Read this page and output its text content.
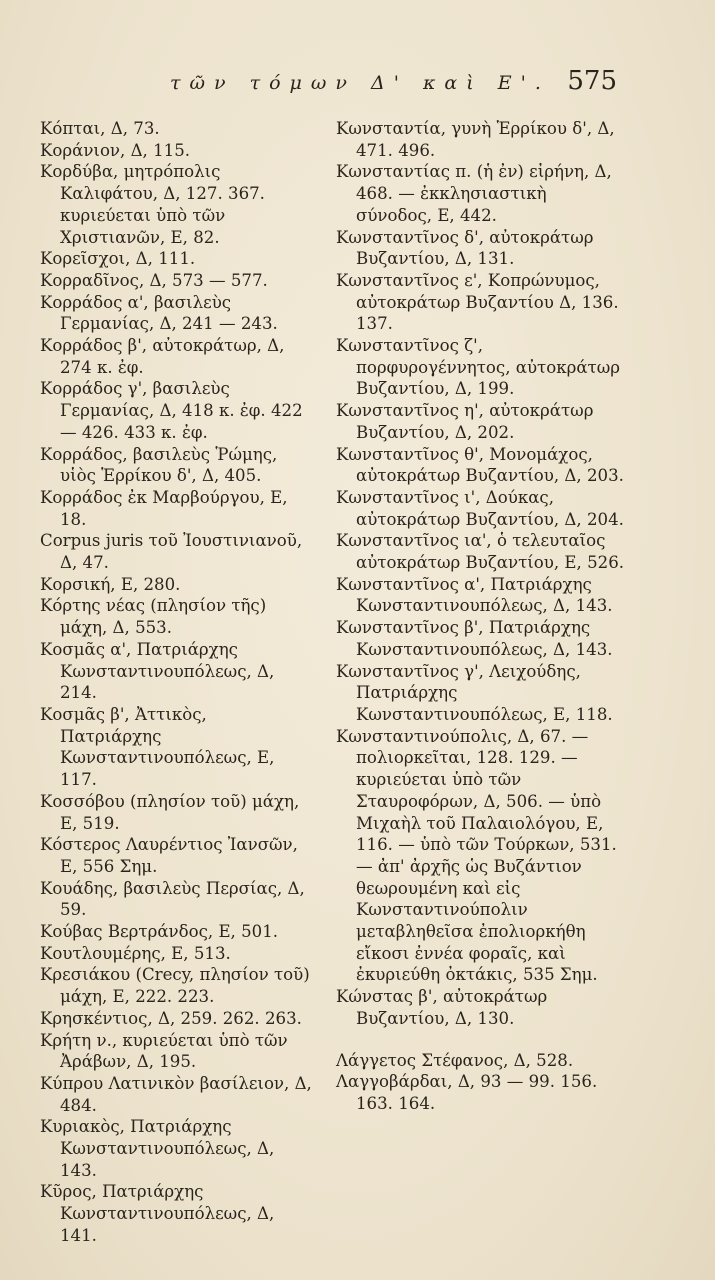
τῶν τόμων Δ' καὶ Ε'. 575

Κόπται, Δ, 73.

Κοράνιον, Δ, 115.

Κορδύβα, μητρόπολις Καλιφάτου, Δ, 127. 367. κυριεύεται ὑπὸ τῶν Χριστιανῶν, Ε, 82.

Κορεῖσχοι, Δ, 111.

Κορραδῖνος, Δ, 573 — 577.

Κορράδος α', βασιλεὺς Γερμανίας, Δ, 241 — 243.

Κορράδος β', αὐτοκράτωρ, Δ, 274 κ. ἐφ.

Κορράδος γ', βασιλεὺς Γερμανίας, Δ, 418 κ. ἐφ. 422 — 426. 433 κ. ἐφ.

Κορράδος, βασιλεὺς Ῥώμης, υἱὸς Ἑρρίκου δ', Δ, 405.

Κορράδος ἐκ Μαρβούργου, Ε, 18.

Corpus juris τοῦ Ἰουστινιανοῦ, Δ, 47.

Κορσική, Ε, 280.

Κόρτης νέας (πλησίον τῆς) μάχη, Δ, 553.

Κοσμᾶς α', Πατριάρχης Κωνσταντινουπόλεως, Δ, 214.

Κοσμᾶς β', Ἀττικὸς, Πατριάρχης Κωνσταντινουπόλεως, Ε, 117.

Κοσσόβου (πλησίον τοῦ) μάχη, Ε, 519.

Κόστερος Λαυρέντιος Ἰανσῶν, Ε, 556 Σημ.

Κουάδης, βασιλεὺς Περσίας, Δ, 59.

Κούβας Βερτράνδος, Ε, 501.

Κουτλουμέρης, Ε, 513.

Κρεσιάκου (Crecy, πλησίον τοῦ) μάχη, Ε, 222. 223.

Κρησκέντιος, Δ, 259. 262. 263.

Κρήτη ν., κυριεύεται ὑπὸ τῶν Ἀράβων, Δ, 195.

Κύπρου Λατινικὸν βασίλειον, Δ, 484.

Κυριακὸς, Πατριάρχης Κωνσταντινουπόλεως, Δ, 143.

Κῦρος, Πατριάρχης Κωνσταντινουπόλεως, Δ, 141.

Κωνσταντία, γυνὴ Ἑρρίκου δ', Δ, 471. 496.

Κωνσταντίας π. (ἡ ἐν) εἰρήνη, Δ, 468. — ἐκκλησιαστικὴ σύνοδος, Ε, 442.

Κωνσταντῖνος δ', αὐτοκράτωρ Βυζαντίου, Δ, 131.

Κωνσταντῖνος ε', Κοπρώνυμος, αὐτοκράτωρ Βυζαντίου Δ, 136. 137.

Κωνσταντῖνος ζ', πορφυρογέννητος, αὐτοκράτωρ Βυζαντίου, Δ, 199.

Κωνσταντῖνος η', αὐτοκράτωρ Βυζαντίου, Δ, 202.

Κωνσταντῖνος θ', Μονομάχος, αὐτοκράτωρ Βυζαντίου, Δ, 203.

Κωνσταντῖνος ι', Δούκας, αὐτοκράτωρ Βυζαντίου, Δ, 204.

Κωνσταντῖνος ια', ὁ τελευταῖος αὐτοκράτωρ Βυζαντίου, Ε, 526.

Κωνσταντῖνος α', Πατριάρχης Κωνσταντινουπόλεως, Δ, 143.

Κωνσταντῖνος β', Πατριάρχης Κωνσταντινουπόλεως, Δ, 143.

Κωνσταντῖνος γ', Λειχούδης, Πατριάρχης Κωνσταντινουπόλεως, Ε, 118.

Κωνσταντινούπολις, Δ, 67. — πολιορκεῖται, 128. 129. — κυριεύεται ὑπὸ τῶν Σταυροφόρων, Δ, 506. — ὑπὸ Μιχαὴλ τοῦ Παλαιολόγου, Ε, 116. — ὑπὸ τῶν Τούρκων, 531. — ἀπ' ἀρχῆς ὡς Βυζάντιον θεωρουμένη καὶ εἰς Κωνσταντινούπολιν μεταβληθεῖσα ἐπολιορκήθη εἴκοσι ἐννέα φοραῖς, καὶ ἐκυριεύθη ὀκτάκις, 535 Σημ.

Κώνστας β', αὐτοκράτωρ Βυζαντίου, Δ, 130.

Λάγγετος Στέφανος, Δ, 528.

Λαγγοβάρδαι, Δ, 93 — 99. 156. 163. 164.
